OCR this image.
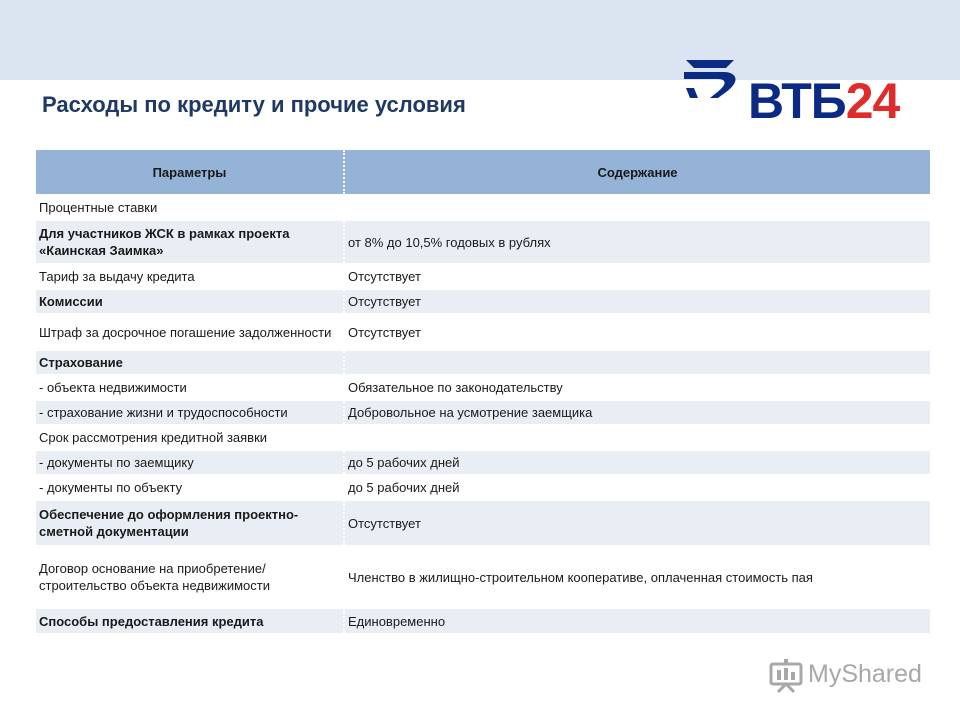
Расходы по кредиту и прочие условия	ВТБ24
Параметры	Содержание
Процентные ставки	
Для участников ЖСК в рамках проекта «Каинская Заимка»	от 8% до 10,5% годовых в рублях
Тариф за выдачу кредита	Отсутствует
Комиссии	Отсутствует
Штраф за досрочное погашение задолженности	Отсутствует
Страхование	
- объекта недвижимости	Обязательное по законодательству
- страхование жизни и трудоспособности	Добровольное на усмотрение заемщика
Срок рассмотрения кредитной заявки	
- документы по заемщику	до 5 рабочих дней
- документы по объекту	до 5 рабочих дней
Обеспечение до оформления проектно-сметной документации	Отсутствует
Договор основание на приобретение/строительство объекта недвижимости	Членство в жилищно-строительном кооперативе, оплаченная стоимость пая
Способы предоставления кредита	Единовременно
MyShared
